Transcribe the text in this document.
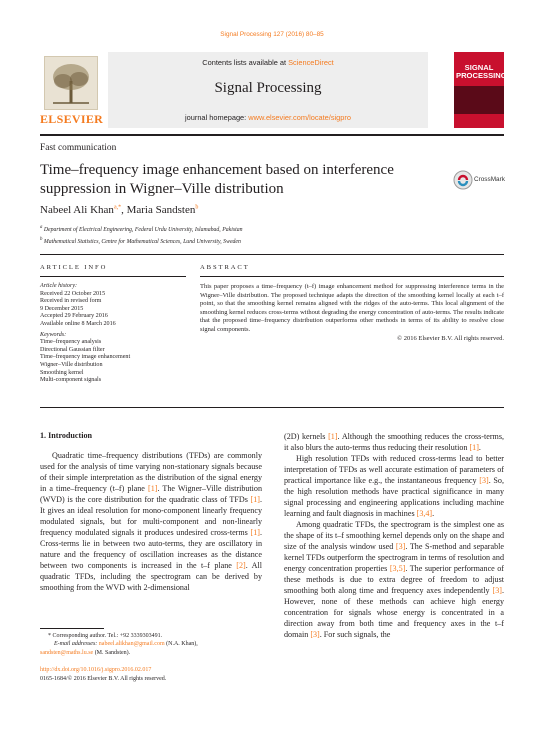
Signal Processing 127 (2016) 80–85
ELSEVIER
Contents lists available at ScienceDirect
Signal Processing
journal homepage: www.elsevier.com/locate/sigpro
SIGNAL
PROCESSING
Fast communication
Time–frequency image enhancement based on interference suppression in Wigner–Ville distribution
CrossMark
Nabeel Ali Khan$^{a,*}$, Maria Sandsten$^b$
$^a$ Department of Electrical Engineering, Federal Urdu University, Islamabad, Pakistan
$^b$ Mathematical Statistics, Centre for Mathematical Sciences, Lund University, Sweden
ARTICLE INFO	ABSTRACT
Article history:
Received 22 October 2015
Received in revised form
9 December 2015
Accepted 29 February 2016
Available online 8 March 2016
Keywords:
Time–frequency analysis
Directional Gaussian filter
Time–frequency image enhancement
Wigner–Ville distribution
Smoothing kernel
Multi-component signals
This paper proposes a time–frequency (t–f) image enhancement method for suppressing interference terms in the Wigner–Ville distribution. The proposed technique adapts the direction of the smoothing kernel locally at each t–f point, so that the smoothing kernel remains aligned with the ridges of the auto-terms. This local alignment of the smoothing kernel reduces cross-terms without degrading the energy concentration of auto-terms. The results indicate that the proposed time–frequency distribution outperforms other methods in terms of its ability to resolve close signal components.
© 2016 Elsevier B.V. All rights reserved.
1. Introduction

Quadratic time–frequency distributions (TFDs) are commonly used for the analysis of time varying non-stationary signals because of their simple interpretation as the distribution of the signal energy in a time–frequency (t–f) plane [1]. The Wigner–Ville distribution (WVD) is the core distribution for the quadratic class of TFDs [1]. It gives an ideal resolution for mono-component linearly frequency modulated signals, but for multi-component and non-linearly frequency modulated signals it produces undesired cross-terms [1]. Cross-terms lie in between two auto-terms, they are oscillatory in nature and the frequency of oscillation increases as the distance between two components is increased in the t–f plane [2]. All quadratic TFDs, including the spectrogram can be derived by smoothing from the WVD with 2-dimensional

(2D) kernels [1]. Although the smoothing reduces the cross-terms, it also blurs the auto-terms thus reducing their resolution [1].

High resolution TFDs with reduced cross-terms lead to better interpretation of TFDs as well accurate estimation of parameters of practical importance like e.g., the instantaneous frequency [3]. So, the high resolution methods have practical significance in many signal processing and engineering applications including machine learning and fault diagnosis in machines [3,4].

Among quadratic TFDs, the spectrogram is the simplest one as the shape of its t–f smoothing kernel depends only on the shape and size of the analysis window used [3]. The S-method and separable kernel TFDs outperform the spectrogram in terms of resolution and energy concentration properties [3,5]. The superior performance of these methods is due to extra degree of freedom to adjust smoothing both along time and frequency axes independently [3]. However, none of these methods can achieve high energy concentration for signals whose energy is concentrated in a direction away from both time and frequency axes in the t–f domain [3]. For such signals, the

* Corresponding author. Tel.: +92 3339303491.
E-mail addresses: nabeel.alikhan@gmail.com (N.A. Khan),
sandsten@maths.lu.se (M. Sandsten).
http://dx.doi.org/10.1016/j.sigpro.2016.02.017
0165-1684/© 2016 Elsevier B.V. All rights reserved.
